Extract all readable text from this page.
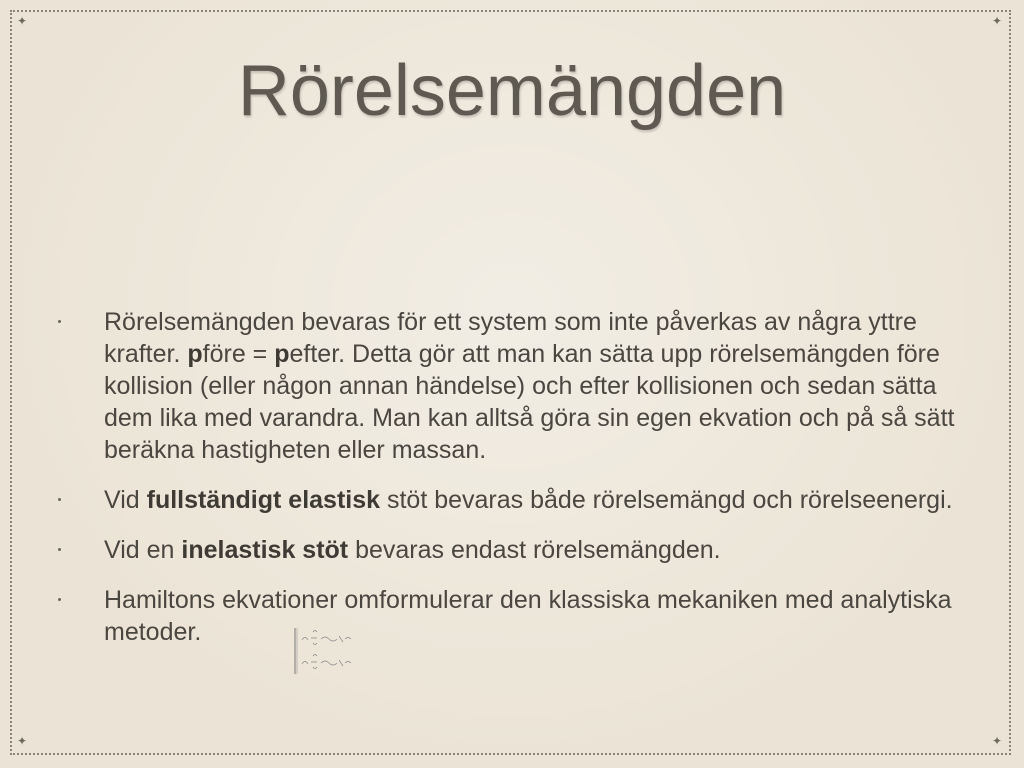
✦	✦
✦	✦
Rörelsemängden
Rörelsemängden bevaras för ett system som inte påverkas av några yttre krafter. pföre = pefter. Detta gör att man kan sätta upp rörelsemängden före kollision (eller någon annan händelse) och efter kollisionen och sedan sätta dem lika med varandra. Man kan alltså göra sin egen ekvation och på så sätt beräkna hastigheten eller massan.
Vid fullständigt elastisk stöt bevaras både rörelsemängd och rörelseenergi.
Vid en inelastisk stöt bevaras endast rörelsemängden.
Hamiltons ekvationer omformulerar den klassiska mekaniken med analytiska metoder.
